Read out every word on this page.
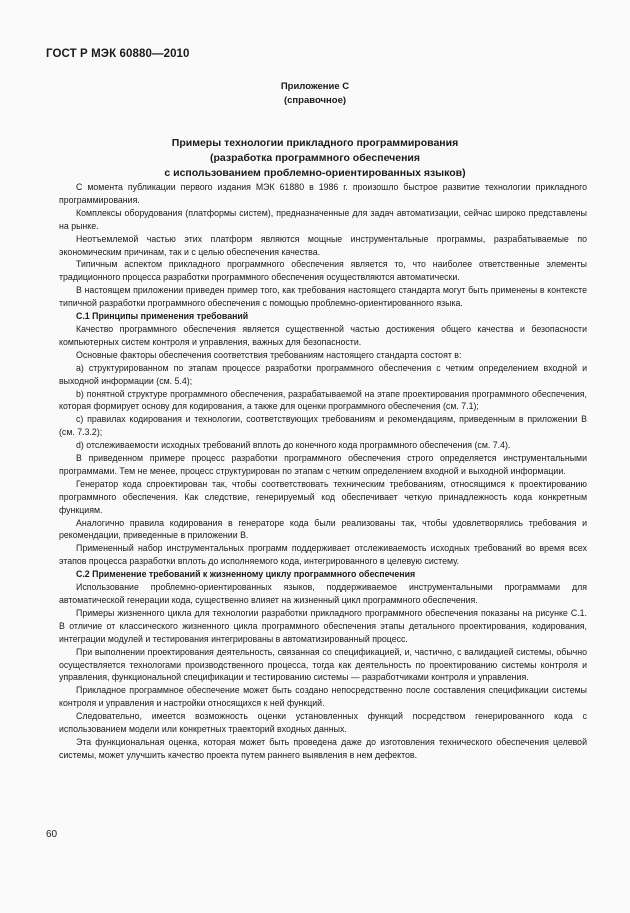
ГОСТ Р МЭК 60880—2010
Приложение С
(справочное)
Примеры технологии прикладного программирования
(разработка программного обеспечения
с использованием проблемно-ориентированных языков)

С момента публикации первого издания МЭК 61880 в 1986 г. произошло быстрое развитие технологии прикладного программирования.

Комплексы оборудования (платформы систем), предназначенные для задач автоматизации, сейчас широко представлены на рынке.

Неотъемлемой частью этих платформ являются мощные инструментальные программы, разрабатываемые по экономическим причинам, так и с целью обеспечения качества.

Типичным аспектом прикладного программного обеспечения является то, что наиболее ответственные элементы традиционного процесса разработки программного обеспечения осуществляются автоматически.

В настоящем приложении приведен пример того, как требования настоящего стандарта могут быть применены в контексте типичной разработки программного обеспечения с помощью проблемно-ориентированного языка.

С.1 Принципы применения требований

Качество программного обеспечения является существенной частью достижения общего качества и безопасности компьютерных систем контроля и управления, важных для безопасности.

Основные факторы обеспечения соответствия требованиям настоящего стандарта состоят в:

a) структурированном по этапам процессе разработки программного обеспечения с четким определением входной и выходной информации (см. 5.4);

b) понятной структуре программного обеспечения, разрабатываемой на этапе проектирования программного обеспечения, которая формирует основу для кодирования, а также для оценки программного обеспечения (см. 7.1);

c) правилах кодирования и технологии, соответствующих требованиям и рекомендациям, приведенным в приложении В (см. 7.3.2);

d) отслеживаемости исходных требований вплоть до конечного кода программного обеспечения (см. 7.4).

В приведенном примере процесс разработки программного обеспечения строго определяется инструментальными программами. Тем не менее, процесс структурирован по этапам с четким определением входной и выходной информации.

Генератор кода спроектирован так, чтобы соответствовать техническим требованиям, относящимся к проектированию программного обеспечения. Как следствие, генерируемый код обеспечивает четкую принадлежность кода конкретным функциям.

Аналогично правила кодирования в генераторе кода были реализованы так, чтобы удовлетворялись требования и рекомендации, приведенные в приложении В.

Примененный набор инструментальных программ поддерживает отслеживаемость исходных требований во время всех этапов процесса разработки вплоть до исполняемого кода, интегрированного в целевую систему.

С.2 Применение требований к жизненному циклу программного обеспечения

Использование проблемно-ориентированных языков, поддерживаемое инструментальными программами для автоматической генерации кода, существенно влияет на жизненный цикл программного обеспечения.

Примеры жизненного цикла для технологии разработки прикладного программного обеспечения показаны на рисунке С.1. В отличие от классического жизненного цикла программного обеспечения этапы детального проектирования, кодирования, интеграции модулей и тестирования интегрированы в автоматизированный процесс.

При выполнении проектирования деятельность, связанная со спецификацией, и, частично, с валидацией системы, обычно осуществляется технологами производственного процесса, тогда как деятельность по проектированию системы контроля и управления, функциональной спецификации и тестированию системы — разработчиками контроля и управления.

Прикладное программное обеспечение может быть создано непосредственно после составления спецификации системы контроля и управления и настройки относящихся к ней функций.

Следовательно, имеется возможность оценки установленных функций посредством генерированного кода с использованием модели или конкретных траекторий входных данных.

Эта функциональная оценка, которая может быть проведена даже до изготовления технического обеспечения целевой системы, может улучшить качество проекта путем раннего выявления в нем дефектов.

60
